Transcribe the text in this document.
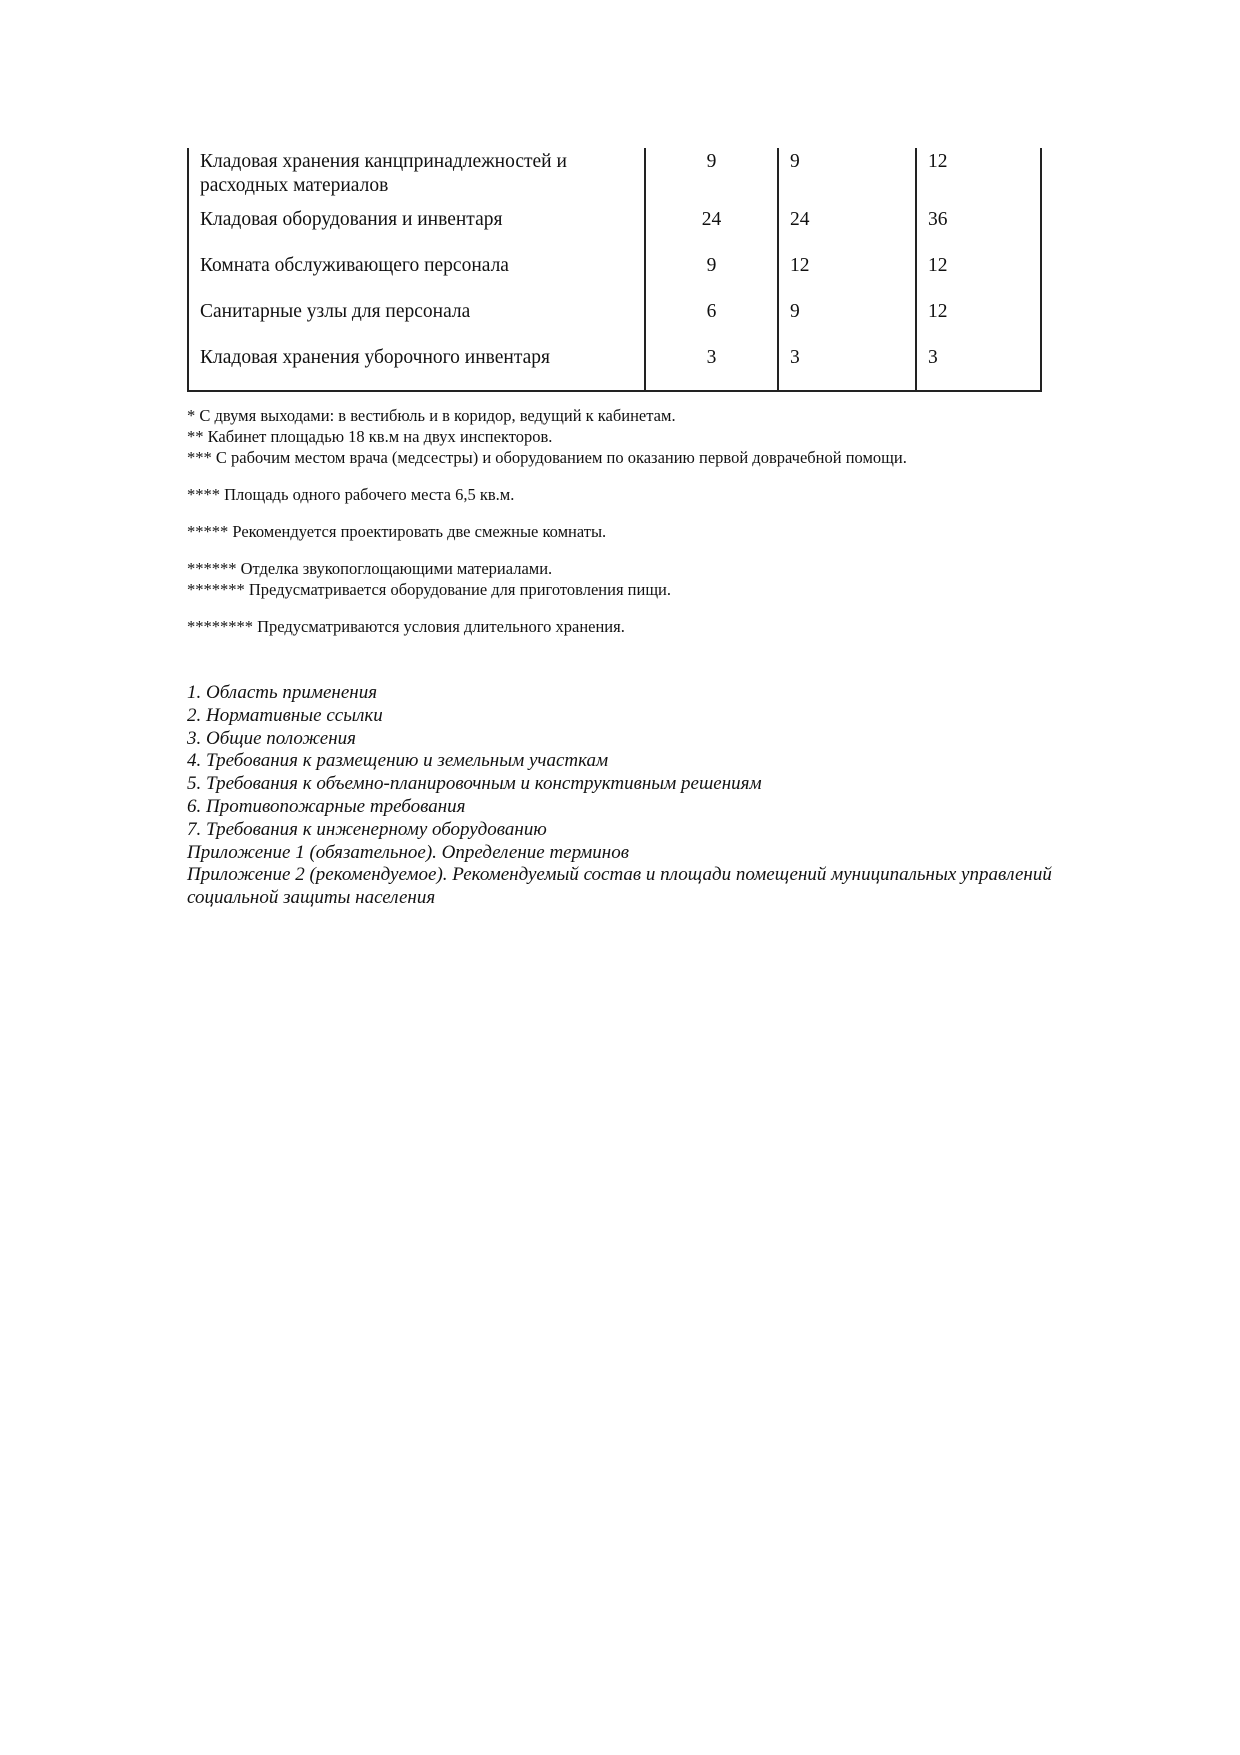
Кладовая хранения канцпринадлежностей и расходных материалов	9	9	12
Кладовая оборудования и инвентаря	24	24	36
Комната обслуживающего персонала	9	12	12
Санитарные узлы для персонала	6	9	12
Кладовая хранения уборочного инвентаря	3	3	3
* С двумя выходами: в вестибюль и в коридор, ведущий к кабинетам.
** Кабинет площадью 18 кв.м на двух инспекторов.
*** С рабочим местом врача (медсестры) и оборудованием по оказанию первой доврачебной помощи.
**** Площадь одного рабочего места 6,5 кв.м.
***** Рекомендуется проектировать две смежные комнаты.
****** Отделка звукопоглощающими материалами.
******* Предусматривается оборудование для приготовления пищи.
******** Предусматриваются условия длительного хранения.
1. Область применения
2. Нормативные ссылки
3. Общие положения
4. Требования к размещению и земельным участкам
5. Требования к объемно-планировочным и конструктивным решениям
6. Противопожарные требования
7. Требования к инженерному оборудованию
Приложение 1 (обязательное). Определение терминов
Приложение 2 (рекомендуемое). Рекомендуемый состав и площади помещений муниципальных управлений социальной защиты населения
